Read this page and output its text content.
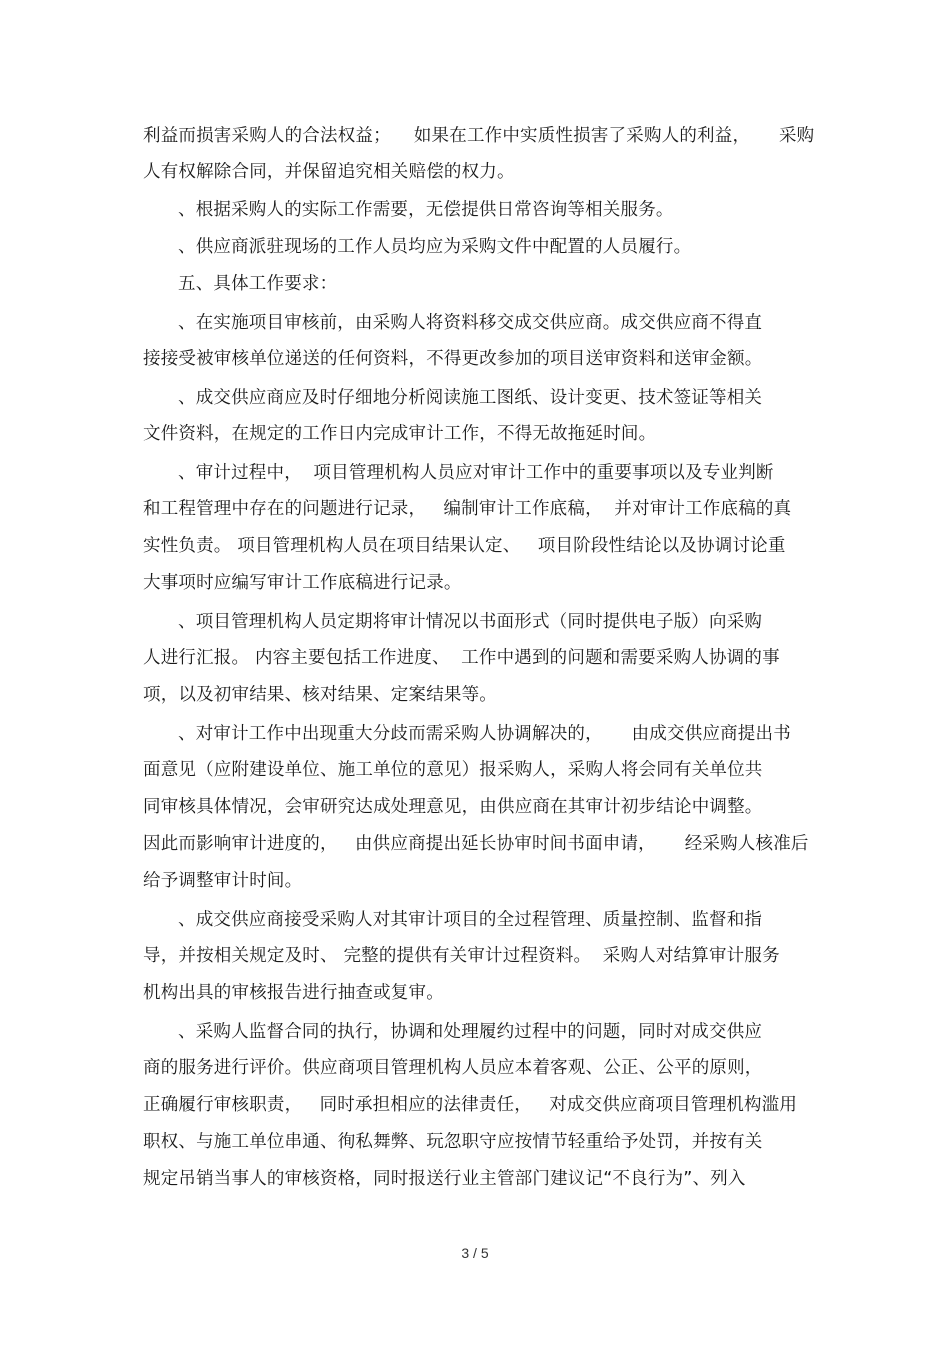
利益而损害采购人的合法权益；    如果在工作中实质性损害了采购人的利益，     采购
人有权解除合同，并保留追究相关赔偿的权力。
、根据采购人的实际工作需要，无偿提供日常咨询等相关服务。
、供应商派驻现场的工作人员均应为采购文件中配置的人员履行。
五、具体工作要求：
、在实施项目审核前，由采购人将资料移交成交供应商。成交供应商不得直
接接受被审核单位递送的任何资料，不得更改参加的项目送审资料和送审金额。
、成交供应商应及时仔细地分析阅读施工图纸、设计变更、技术签证等相关
文件资料，在规定的工作日内完成审计工作，不得无故拖延时间。
、审计过程中，  项目管理机构人员应对审计工作中的重要事项以及专业判断
和工程管理中存在的问题进行记录，   编制审计工作底稿，  并对审计工作底稿的真
实性负责。 项目管理机构人员在项目结果认定、   项目阶段性结论以及协调讨论重
大事项时应编写审计工作底稿进行记录。
、项目管理机构人员定期将审计情况以书面形式（同时提供电子版）向采购
人进行汇报。 内容主要包括工作进度、  工作中遇到的问题和需要采购人协调的事
项，以及初审结果、核对结果、定案结果等。
、对审计工作中出现重大分歧而需采购人协调解决的，     由成交供应商提出书
面意见（应附建设单位、施工单位的意见）报采购人，采购人将会同有关单位共
同审核具体情况，会审研究达成处理意见，由供应商在其审计初步结论中调整。
因此而影响审计进度的，   由供应商提出延长协审时间书面申请，     经采购人核准后
给予调整审计时间。
、成交供应商接受采购人对其审计项目的全过程管理、质量控制、监督和指
导，并按相关规定及时、 完整的提供有关审计过程资料。  采购人对结算审计服务
机构出具的审核报告进行抽查或复审。
、采购人监督合同的执行，协调和处理履约过程中的问题，同时对成交供应
商的服务进行评价。供应商项目管理机构人员应本着客观、公正、公平的原则，
正确履行审核职责，   同时承担相应的法律责任，   对成交供应商项目管理机构滥用
职权、与施工单位串通、徇私舞弊、玩忽职守应按情节轻重给予处罚，并按有关
规定吊销当事人的审核资格，同时报送行业主管部门建议记“不良行为”、列入
3 / 5
